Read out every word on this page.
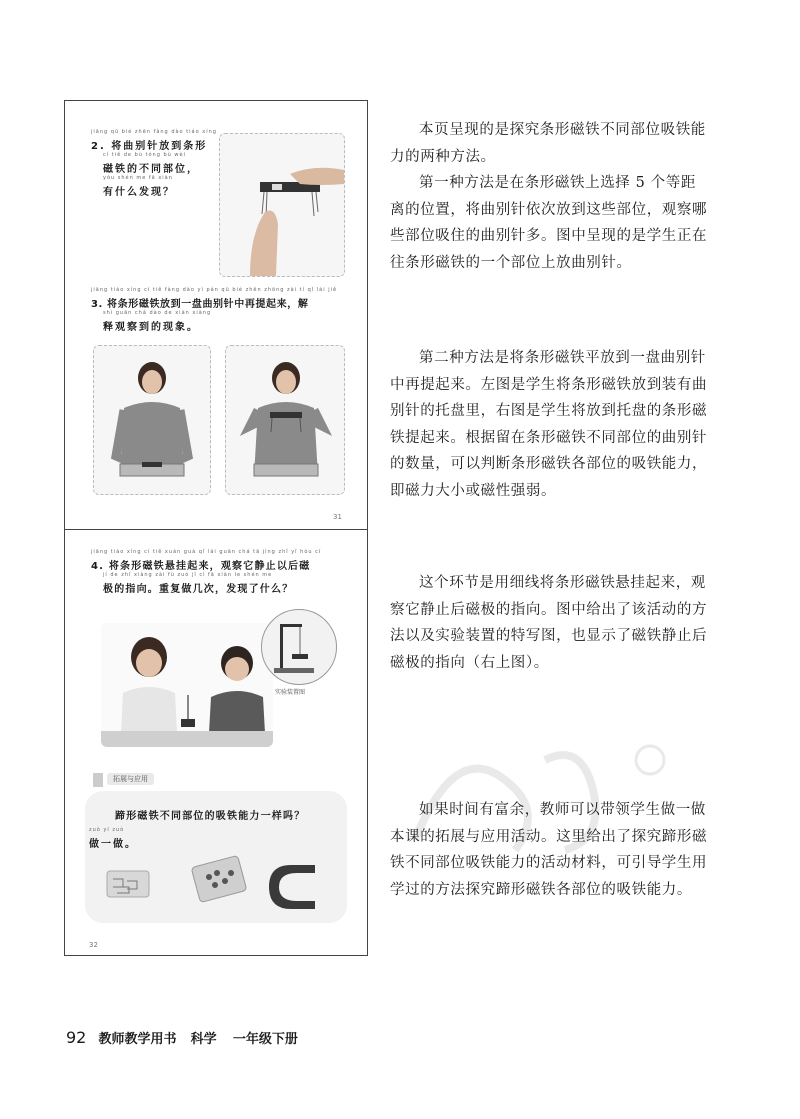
jiāng qū bié zhēn fàng dào tiáo xíng
2. 将曲别针放到条形
cí tiě de bù tóng bù wèi
磁铁的不同部位，
yǒu shén me fā xiàn
有什么发现？
jiāng tiáo xíng cí tiě fàng dào yì pán qū bié zhēn zhōng zài tí qǐ lái jiě
3. 将条形磁铁放到一盘曲别针中再提起来，解
shì guān chá dào de xiàn xiàng
释观察到的现象。
31
jiāng tiáo xíng cí tiě xuán guà qǐ lái guān chá tā jìng zhǐ yǐ hòu cí
4. 将条形磁铁悬挂起来，观察它静止以后磁
jí de zhǐ xiàng zài fù zuò jǐ cì fā xiàn le shén me
极的指向。重复做几次，发现了什么？
实验装置图
拓展与应用
蹄形磁铁不同部位的吸铁能力一样吗？
zuò yí zuò
做一做。
32

本页呈现的是探究条形磁铁不同部位吸铁能力的两种方法。

第一种方法是在条形磁铁上选择 5 个等距离的位置，将曲别针依次放到这些部位，观察哪些部位吸住的曲别针多。图中呈现的是学生正在往条形磁铁的一个部位上放曲别针。

第二种方法是将条形磁铁平放到一盘曲别针中再提起来。左图是学生将条形磁铁放到装有曲别针的托盘里，右图是学生将放到托盘的条形磁铁提起来。根据留在条形磁铁不同部位的曲别针的数量，可以判断条形磁铁各部位的吸铁能力，即磁力大小或磁性强弱。

这个环节是用细线将条形磁铁悬挂起来，观察它静止后磁极的指向。图中给出了该活动的方法以及实验装置的特写图，也显示了磁铁静止后磁极的指向（右上图）。

如果时间有富余，教师可以带领学生做一做本课的拓展与应用活动。这里给出了探究蹄形磁铁不同部位吸铁能力的活动材料，可引导学生用学过的方法探究蹄形磁铁各部位的吸铁能力。

92 教师教学用书 科学 一年级下册
